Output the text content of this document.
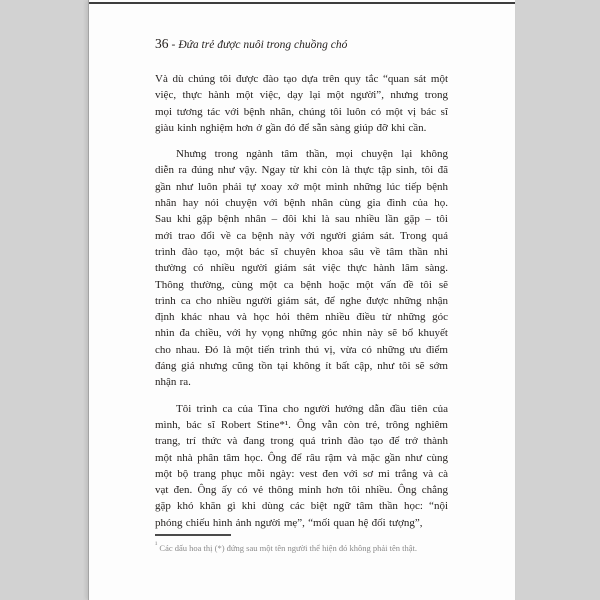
36 - Đứa trẻ được nuôi trong chuồng chó
Và dù chúng tôi được đào tạo dựa trên quy tắc “quan sát một
việc, thực hành một việc, dạy lại một người”, nhưng trong
mọi tương tác với bệnh nhân, chúng tôi luôn có một vị bác sĩ
giàu kinh nghiệm hơn ở gần đó để sẵn sàng giúp đỡ khi cần.
Nhưng trong ngành tâm thần, mọi chuyện lại không
diễn ra đúng như vậy. Ngay từ khi còn là thực tập sinh, tôi đã
gần như luôn phải tự xoay xở một mình những lúc tiếp bệnh
nhân hay nói chuyện với bệnh nhân cùng gia đình của họ.
Sau khi gặp bệnh nhân – đôi khi là sau nhiều lần gặp – tôi
mới trao đổi về ca bệnh này với người giám sát. Trong quá
trình đào tạo, một bác sĩ chuyên khoa sâu về tâm thần nhi
thường có nhiều người giám sát việc thực hành lâm sàng.
Thông thường, cùng một ca bệnh hoặc một vấn đề tôi sẽ
trình ca cho nhiều người giám sát, để nghe được những nhận
định khác nhau và học hỏi thêm nhiều điều từ những góc
nhìn đa chiều, với hy vọng những góc nhìn này sẽ bổ khuyết
cho nhau. Đó là một tiến trình thú vị, vừa có những ưu điểm
đáng giá nhưng cũng tồn tại không ít bất cập, như tôi sẽ sớm
nhận ra.
Tôi trình ca của Tina cho người hướng dẫn đầu tiên của
mình, bác sĩ Robert Stine*¹. Ông vẫn còn trẻ, trông nghiêm
trang, trí thức và đang trong quá trình đào tạo để trở thành
một nhà phân tâm học. Ông để râu rậm và mặc gần như cùng
một bộ trang phục mỗi ngày: vest đen với sơ mi trắng và cà
vạt đen. Ông ấy có vẻ thông minh hơn tôi nhiều. Ông chẳng
gặp khó khăn gì khi dùng các biệt ngữ tâm thần học: “nội
phóng chiếu hình ảnh người mẹ”, “mối quan hệ đối tượng”,
$^{^1}$ Các dấu hoa thị (*) đứng sau một tên người thể hiện đó không phải tên thật.
